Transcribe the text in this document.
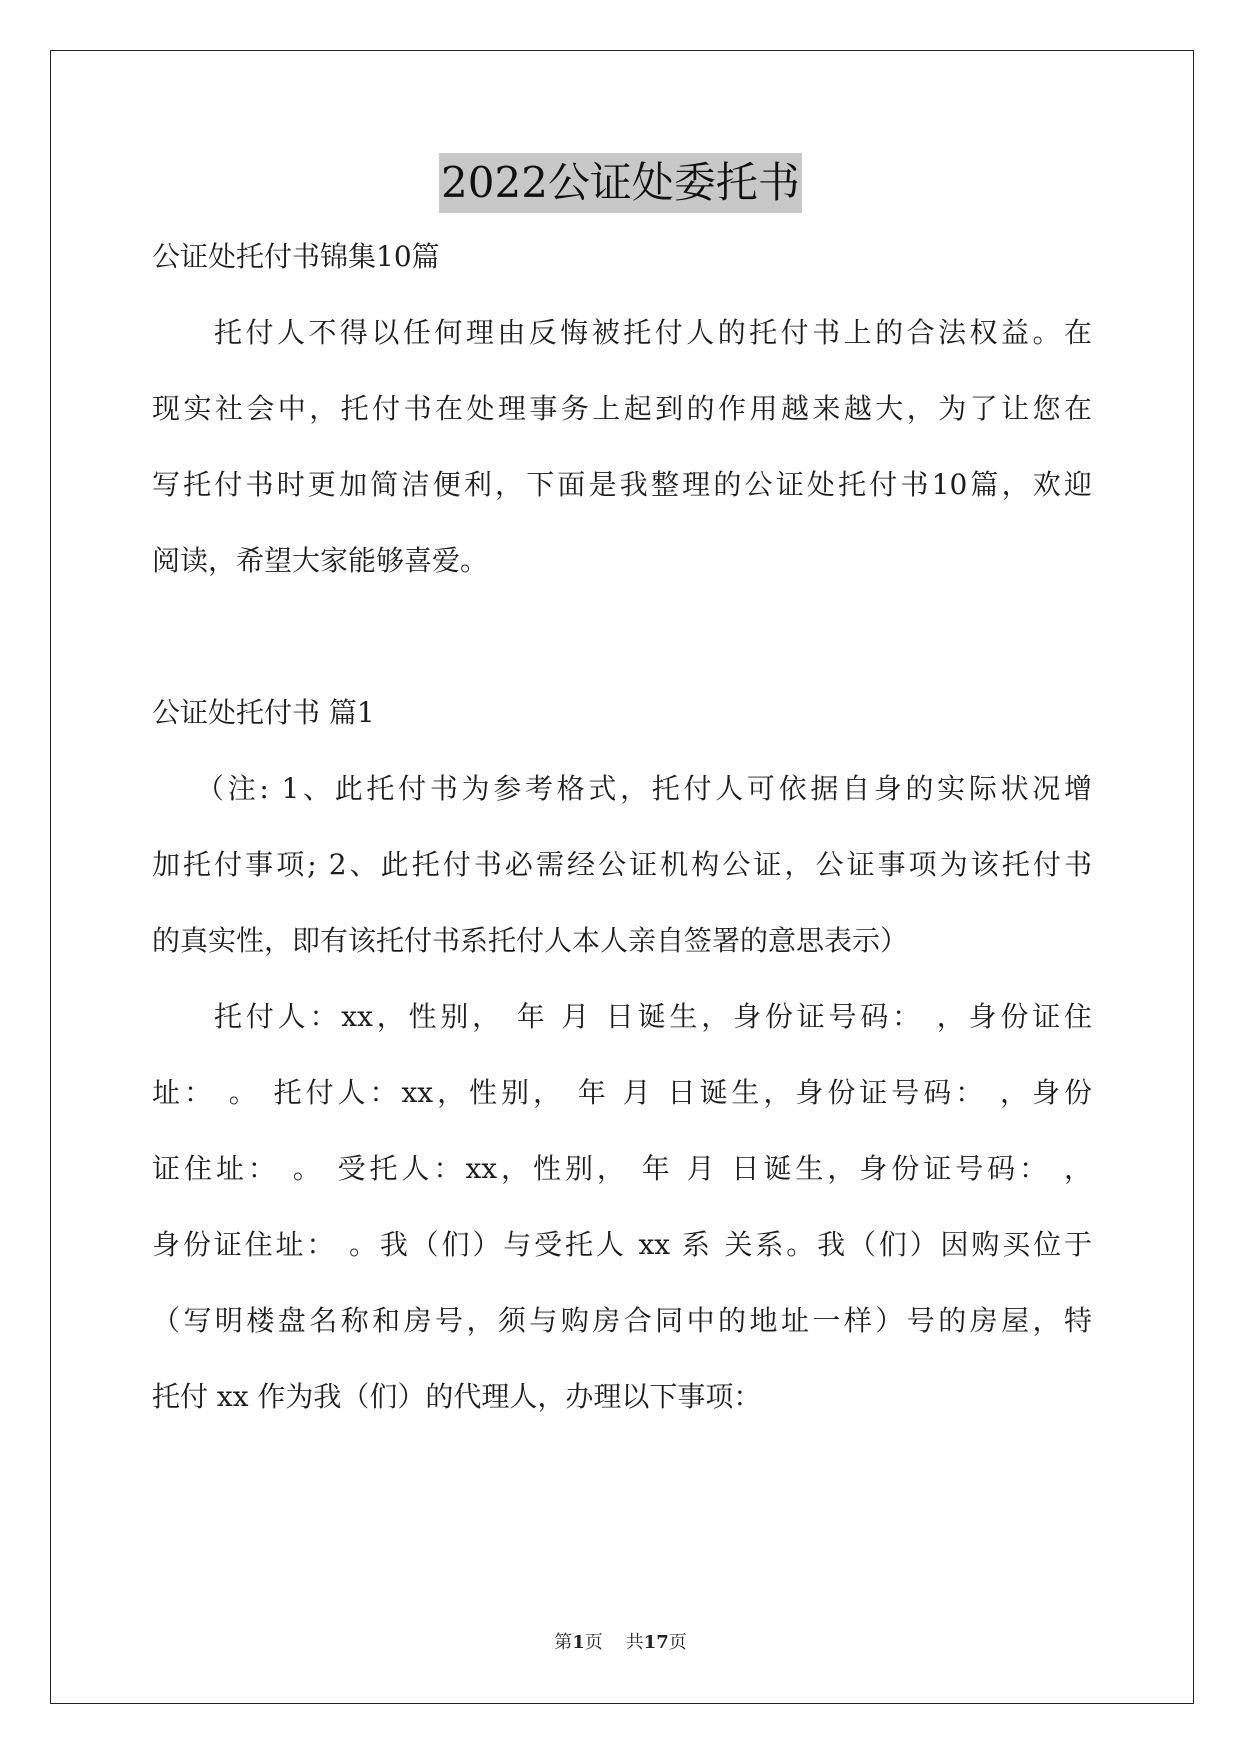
2022公证处委托书
公证处托付书锦集10篇
托付人不得以任何理由反悔被托付人的托付书上的合法权益。在
现实社会中，托付书在处理事务上起到的作用越来越大，为了让您在
写托付书时更加简洁便利，下面是我整理的公证处托付书10篇，欢迎
阅读，希望大家能够喜爱。
公证处托付书 篇1
（注: 1、此托付书为参考格式，托付人可依据自身的实际状况增
加托付事项; 2、此托付书必需经公证机构公证，公证事项为该托付书
的真实性，即有该托付书系托付人本人亲自签署的意思表示）
托付人：xx，性别， 年 月 日诞生，身份证号码： ，身份证住
址： 。 托付人：xx，性别， 年 月 日诞生，身份证号码： ，身份
证住址： 。 受托人：xx，性别， 年 月 日诞生，身份证号码： ，
身份证住址： 。我（们）与受托人 xx 系 关系。我（们）因购买位于
（写明楼盘名称和房号，须与购房合同中的地址一样）号的房屋，特
托付 xx 作为我（们）的代理人，办理以下事项：
第1页 共17页
